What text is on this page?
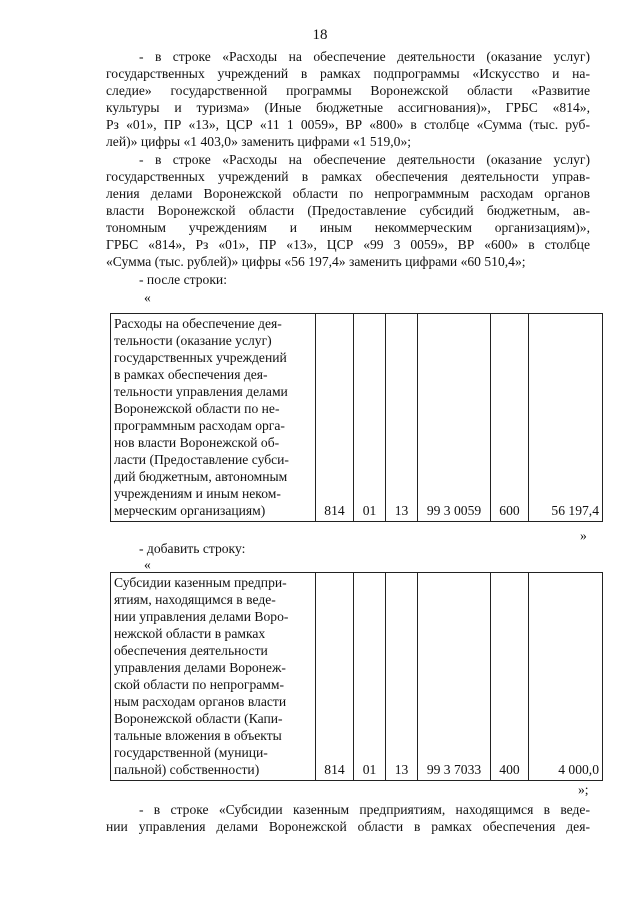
18
- в строке «Расходы на обеспечение деятельности (оказание услуг)
государственных учреждений в рамках подпрограммы «Искусство и на-
следие» государственной программы Воронежской области «Развитие
культуры и туризма» (Иные бюджетные ассигнования)», ГРБС «814»,
Рз «01», ПР «13», ЦСР «11 1 0059», ВР «800» в столбце «Сумма (тыс. руб-
лей)» цифры «1 403,0» заменить цифрами «1 519,0»;
- в строке «Расходы на обеспечение деятельности (оказание услуг)
государственных учреждений в рамках обеспечения деятельности управ-
ления делами Воронежской области по непрограммным расходам органов
власти Воронежской области (Предоставление субсидий бюджетным, ав-
тономным учреждениям и иным некоммерческим организациям)»,
ГРБС «814», Рз «01», ПР «13», ЦСР «99 3 0059», ВР «600» в столбце
«Сумма (тыс. рублей)» цифры «56 197,4» заменить цифрами «60 510,4»;
- после строки:
«
Расходы на обеспечение дея-
тельности (оказание услуг)
государственных учреждений
в рамках обеспечения дея-
тельности управления делами
Воронежской области по не-
программным расходам орга-
нов власти Воронежской об-
ласти (Предоставление субси-
дий бюджетным, автономным
учреждениям и иным неком-
мерческим организациям)	814	01	13	99 3 0059	600	56 197,4
»
- добавить строку:
«
Субсидии казенным предпри-
ятиям, находящимся в веде-
нии управления делами Воро-
нежской области в рамках
обеспечения деятельности
управления делами Воронеж-
ской области по непрограмм-
ным расходам органов власти
Воронежской области (Капи-
тальные вложения в объекты
государственной (муници-
пальной) собственности)	814	01	13	99 3 7033	400	4 000,0
»;
- в строке «Субсидии казенным предприятиям, находящимся в веде-
нии управления делами Воронежской области в рамках обеспечения дея-
